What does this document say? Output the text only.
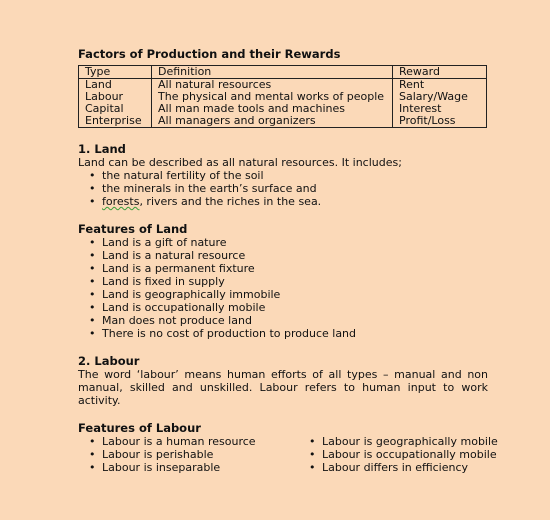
Factors of Production and their Rewards

Type	Definition	Reward
Land	All natural resources	Rent
Labour	The physical and mental works of people	Salary/Wage
Capital	All man made tools and machines	Interest
Enterprise	All managers and organizers	Profit/Loss

1. Land

Land can be described as all natural resources. It includes;

• the natural fertility of the soil
• the minerals in the earth’s surface and
• forests, rivers and the riches in the sea.

Features of Land

• Land is a gift of nature
• Land is a natural resource
• Land is a permanent fixture
• Land is fixed in supply
• Land is geographically immobile
• Land is occupationally mobile
• Man does not produce land
• There is no cost of production to produce land

2. Labour

The word ‘labour’ means human efforts of all types – manual and non manual, skilled and unskilled. Labour refers to human input to work activity.

Features of Labour

• Labour is a human resource
• Labour is perishable
• Labour is inseparable
• Labour is geographically mobile
• Labour is occupationally mobile
• Labour differs in efficiency
